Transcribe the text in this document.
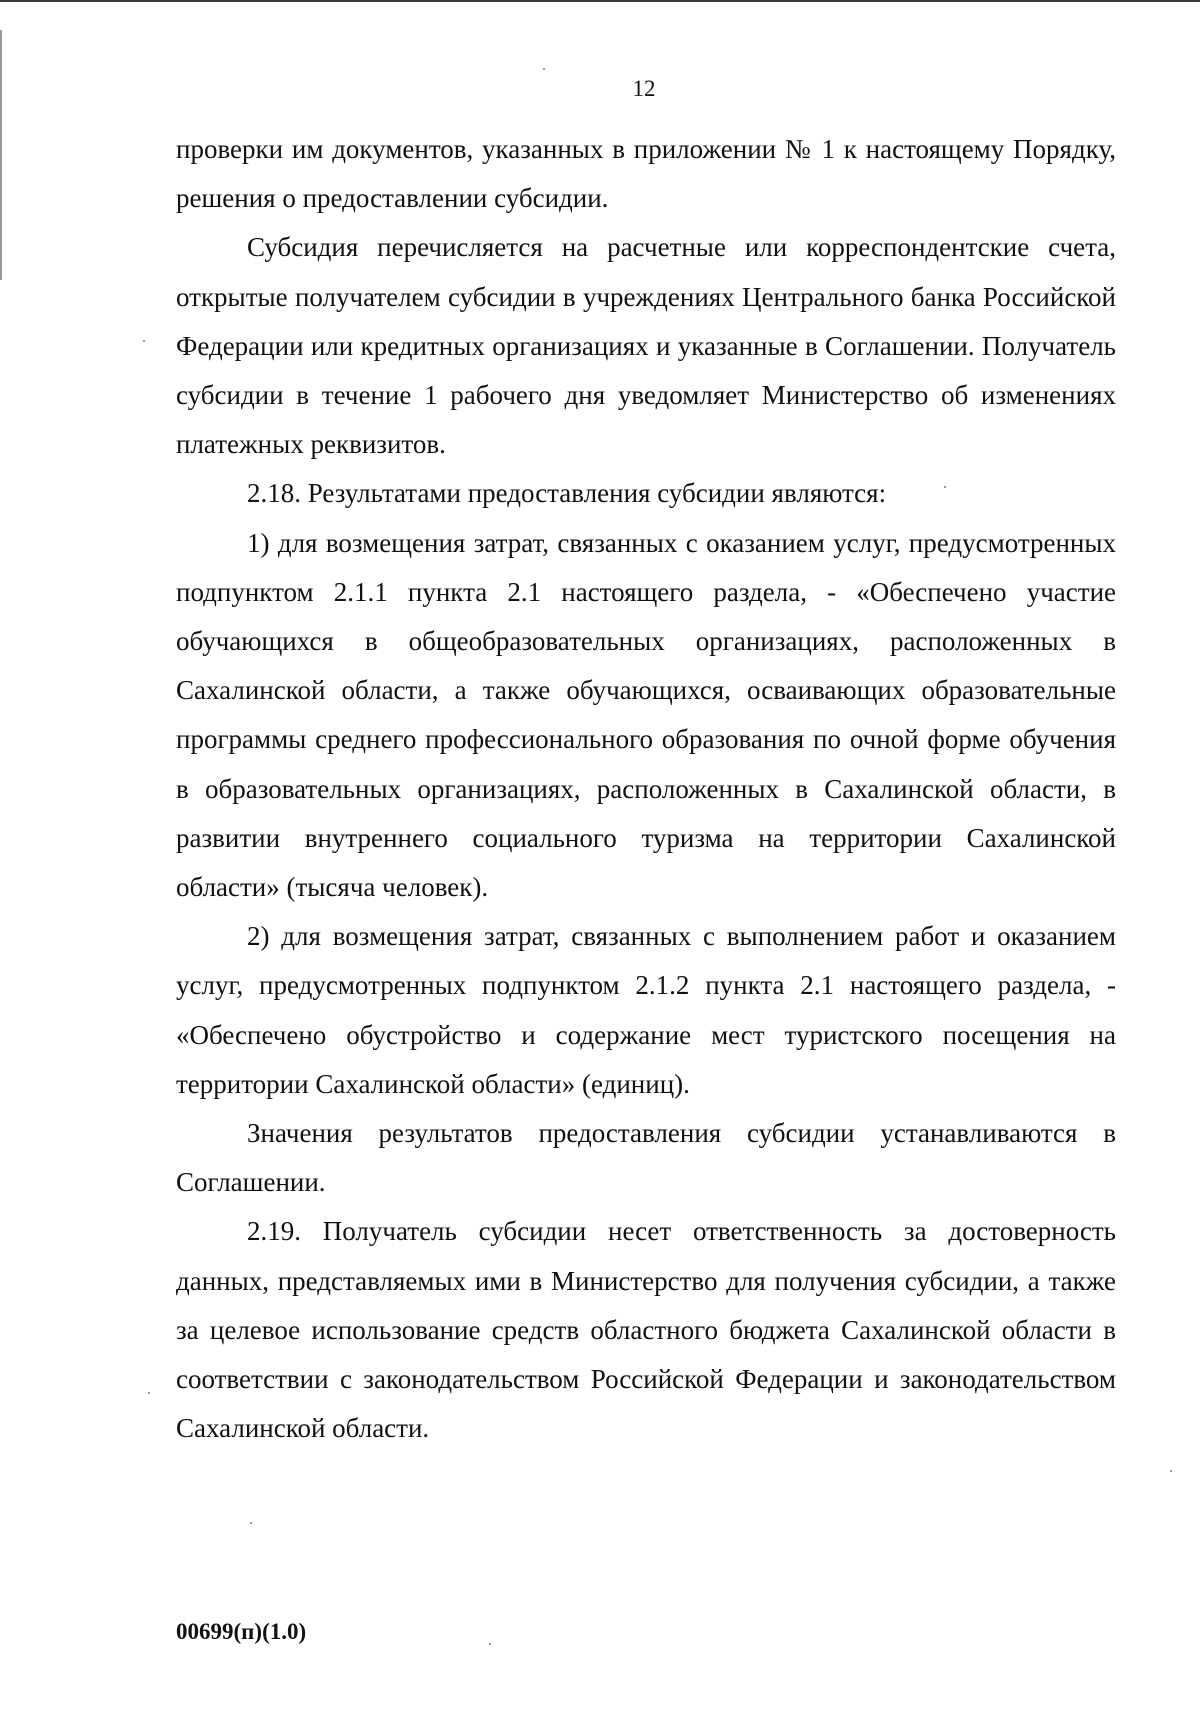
12

проверки им документов, указанных в приложении № 1 к настоящему Порядку, решения о предоставлении субсидии.

Субсидия перечисляется на расчетные или корреспондентские счета, открытые получателем субсидии в учреждениях Центрального банка Российской Федерации или кредитных организациях и указанные в Соглашении. Получатель субсидии в течение 1 рабочего дня уведомляет Министерство об изменениях платежных реквизитов.

2.18. Результатами предоставления субсидии являются:

1) для возмещения затрат, связанных с оказанием услуг, предусмотренных подпунктом 2.1.1 пункта 2.1 настоящего раздела, - «Обеспечено участие обучающихся в общеобразовательных организациях, расположенных в Сахалинской области, а также обучающихся, осваивающих образовательные программы среднего профессионального образования по очной форме обучения в образовательных организациях, расположенных в Сахалинской области, в развитии внутреннего социального туризма на территории Сахалинской области» (тысяча человек).

2) для возмещения затрат, связанных с выполнением работ и оказанием услуг, предусмотренных подпунктом 2.1.2 пункта 2.1 настоящего раздела, - «Обеспечено обустройство и содержание мест туристского посещения на территории Сахалинской области» (единиц).

Значения результатов предоставления субсидии устанавливаются в Соглашении.

2.19. Получатель субсидии несет ответственность за достоверность данных, представляемых ими в Министерство для получения субсидии, а также за целевое использование средств областного бюджета Сахалинской области в соответствии с законодательством Российской Федерации и законодательством Сахалинской области.

00699(п)(1.0)
